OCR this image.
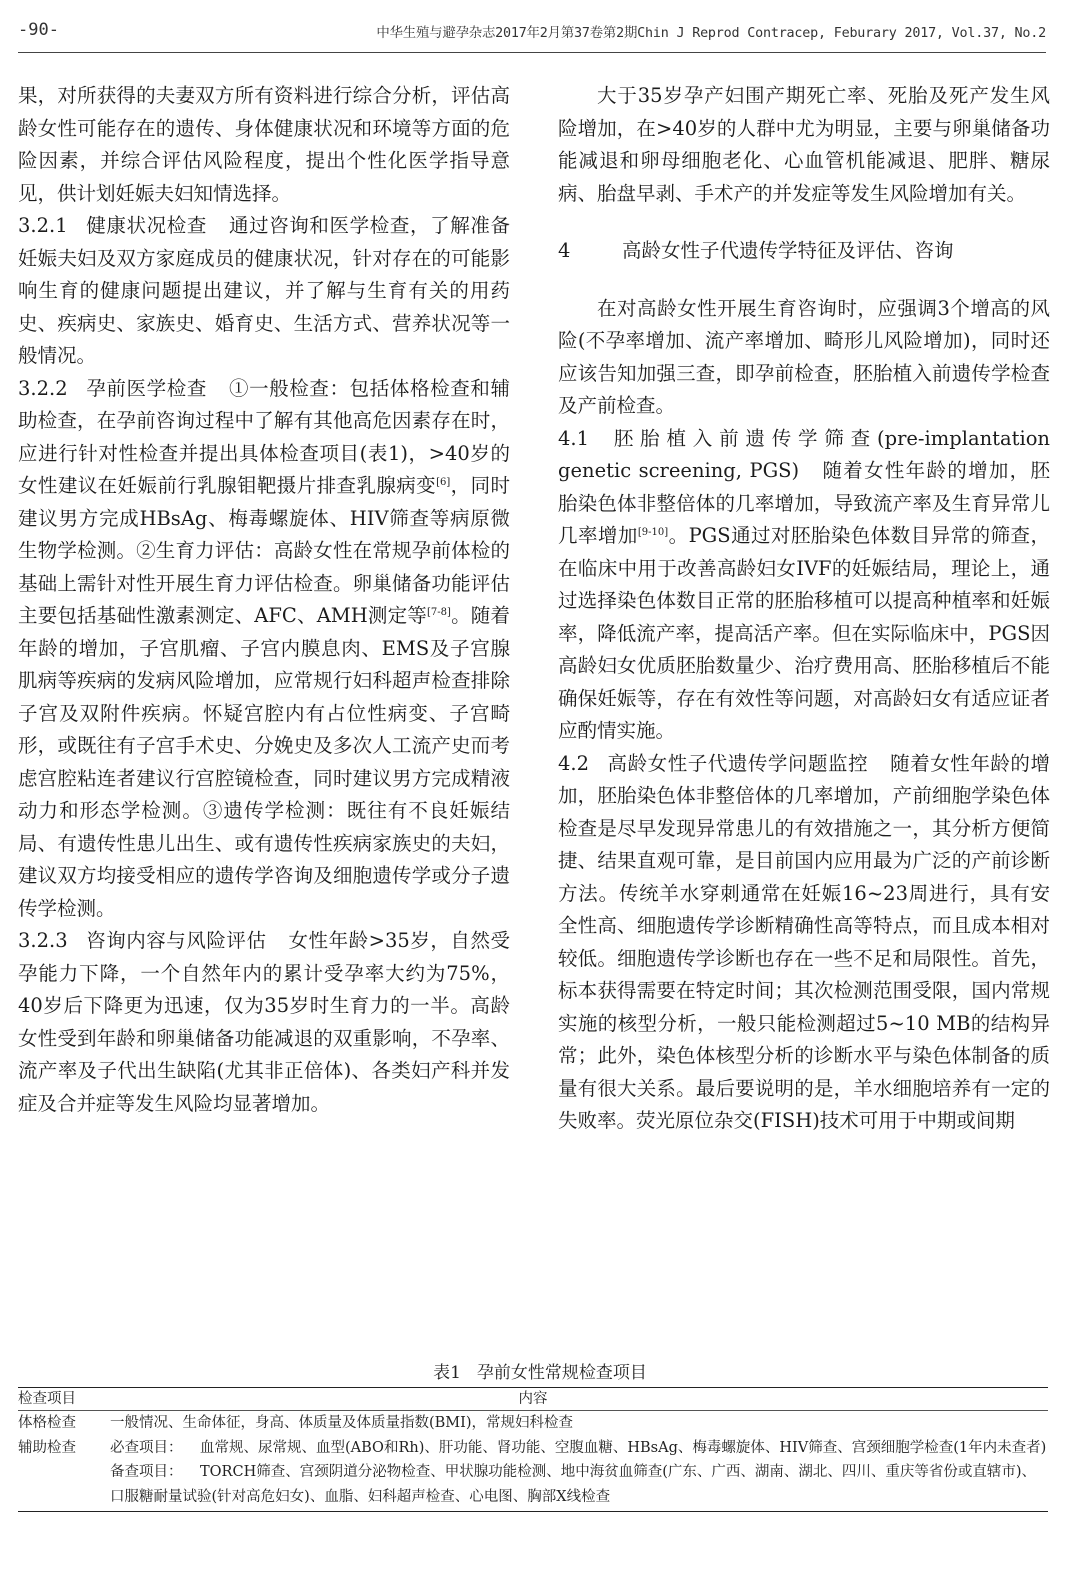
-90-	中华生殖与避孕杂志2017年2月第37卷第2期Chin J Reprod Contracep, Feburary 2017, Vol.37, No.2

果，对所获得的夫妻双方所有资料进行综合分析，评估高龄女性可能存在的遗传、身体健康状况和环境等方面的危险因素，并综合评估风险程度，提出个性化医学指导意见，供计划妊娠夫妇知情选择。

3.2.1 健康状况检查 通过咨询和医学检查，了解准备妊娠夫妇及双方家庭成员的健康状况，针对存在的可能影响生育的健康问题提出建议，并了解与生育有关的用药史、疾病史、家族史、婚育史、生活方式、营养状况等一般情况。

3.2.2 孕前医学检查 ①一般检查：包括体格检查和辅助检查，在孕前咨询过程中了解有其他高危因素存在时，应进行针对性检查并提出具体检查项目(表1)，>40岁的女性建议在妊娠前行乳腺钼靶摄片排查乳腺病变[6]，同时建议男方完成HBsAg、梅毒螺旋体、HIV筛查等病原微生物学检测。②生育力评估：高龄女性在常规孕前体检的基础上需针对性开展生育力评估检查。卵巢储备功能评估主要包括基础性激素测定、AFC、AMH测定等[7-8]。随着年龄的增加，子宫肌瘤、子宫内膜息肉、EMS及子宫腺肌病等疾病的发病风险增加，应常规行妇科超声检查排除子宫及双附件疾病。怀疑宫腔内有占位性病变、子宫畸形，或既往有子宫手术史、分娩史及多次人工流产史而考虑宫腔粘连者建议行宫腔镜检查，同时建议男方完成精液动力和形态学检测。③遗传学检测：既往有不良妊娠结局、有遗传性患儿出生、或有遗传性疾病家族史的夫妇，建议双方均接受相应的遗传学咨询及细胞遗传学或分子遗传学检测。

3.2.3 咨询内容与风险评估 女性年龄>35岁，自然受孕能力下降，一个自然年内的累计受孕率大约为75%，40岁后下降更为迅速，仅为35岁时生育力的一半。高龄女性受到年龄和卵巢储备功能减退的双重影响，不孕率、流产率及子代出生缺陷(尤其非正倍体)、各类妇产科并发症及合并症等发生风险均显著增加。

大于35岁孕产妇围产期死亡率、死胎及死产发生风险增加，在>40岁的人群中尤为明显，主要与卵巢储备功能减退和卵母细胞老化、心血管机能减退、肥胖、糖尿病、胎盘早剥、手术产的并发症等发生风险增加有关。

4	高龄女性子代遗传学特征及评估、咨询

在对高龄女性开展生育咨询时，应强调3个增高的风险(不孕率增加、流产率增加、畸形儿风险增加)，同时还应该告知加强三查，即孕前检查，胚胎植入前遗传学检查及产前检查。

4.1 胚胎植入前遗传学筛查(pre-implantation genetic screening, PGS) 随着女性年龄的增加，胚胎染色体非整倍体的几率增加，导致流产率及生育异常儿几率增加[9-10]。PGS通过对胚胎染色体数目异常的筛查，在临床中用于改善高龄妇女IVF的妊娠结局，理论上，通过选择染色体数目正常的胚胎移植可以提高种植率和妊娠率，降低流产率，提高活产率。但在实际临床中，PGS因高龄妇女优质胚胎数量少、治疗费用高、胚胎移植后不能确保妊娠等，存在有效性等问题，对高龄妇女有适应证者应酌情实施。

4.2 高龄女性子代遗传学问题监控 随着女性年龄的增加，胚胎染色体非整倍体的几率增加，产前细胞学染色体检查是尽早发现异常患儿的有效措施之一，其分析方便简捷、结果直观可靠，是目前国内应用最为广泛的产前诊断方法。传统羊水穿刺通常在妊娠16~23周进行，具有安全性高、细胞遗传学诊断精确性高等特点，而且成本相对较低。细胞遗传学诊断也存在一些不足和局限性。首先，标本获得需要在特定时间；其次检测范围受限，国内常规实施的核型分析，一般只能检测超过5~10 MB的结构异常；此外，染色体核型分析的诊断水平与染色体制备的质量有很大关系。最后要说明的是，羊水细胞培养有一定的失败率。荧光原位杂交(FISH)技术可用于中期或间期

表1 孕前女性常规检查项目
检查项目	内容
体格检查	一般情况、生命体征，身高、体质量及体质量指数(BMI)，常规妇科检查
辅助检查	必查项目： 血常规、尿常规、血型(ABO和Rh)、肝功能、肾功能、空腹血糖、HBsAg、梅毒螺旋体、HIV筛查、宫颈细胞学检查(1年内未查者)
备查项目： TORCH筛查、宫颈阴道分泌物检查、甲状腺功能检测、地中海贫血筛查(广东、广西、湖南、湖北、四川、重庆等省份或直辖市)、口服糖耐量试验(针对高危妇女)、血脂、妇科超声检查、心电图、胸部X线检查
